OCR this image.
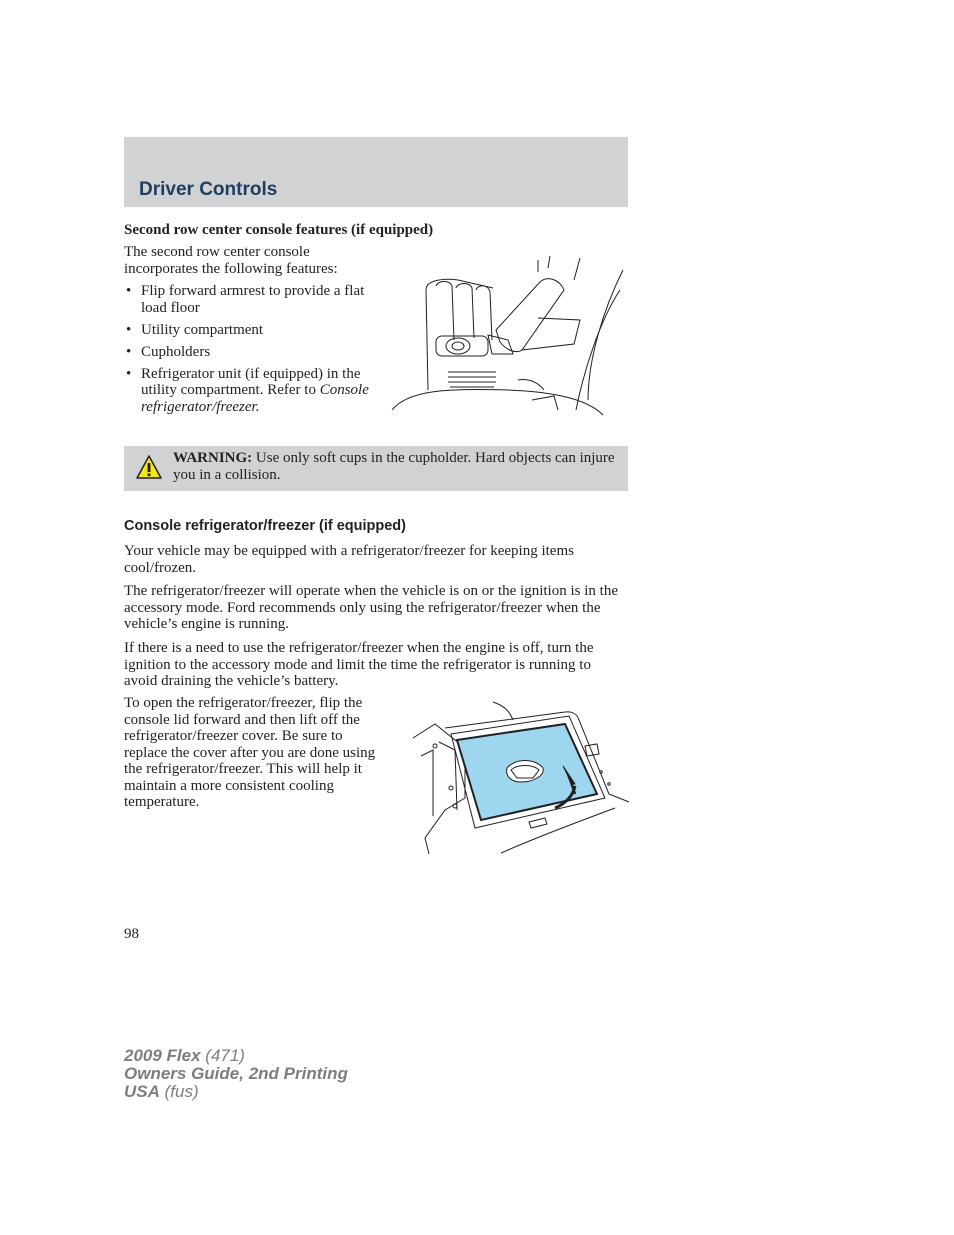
Driver Controls
Second row center console features (if equipped)
The second row center console incorporates the following features:
• Flip forward armrest to provide a flat load floor
• Utility compartment
• Cupholders
• Refrigerator unit (if equipped) in the utility compartment. Refer to Console refrigerator/freezer.
WARNING: Use only soft cups in the cupholder. Hard objects can injure you in a collision.
Console refrigerator/freezer (if equipped)
Your vehicle may be equipped with a refrigerator/freezer for keeping items cool/frozen.
The refrigerator/freezer will operate when the vehicle is on or the ignition is in the accessory mode. Ford recommends only using the refrigerator/freezer when the vehicle’s engine is running.
If there is a need to use the refrigerator/freezer when the engine is off, turn the ignition to the accessory mode and limit the time the refrigerator is running to avoid draining the vehicle’s battery.
To open the refrigerator/freezer, flip the console lid forward and then lift off the refrigerator/freezer cover. Be sure to replace the cover after you are done using the refrigerator/freezer. This will help it maintain a more consistent cooling temperature.
98
2009 Flex (471)
Owners Guide, 2nd Printing
USA (fus)
